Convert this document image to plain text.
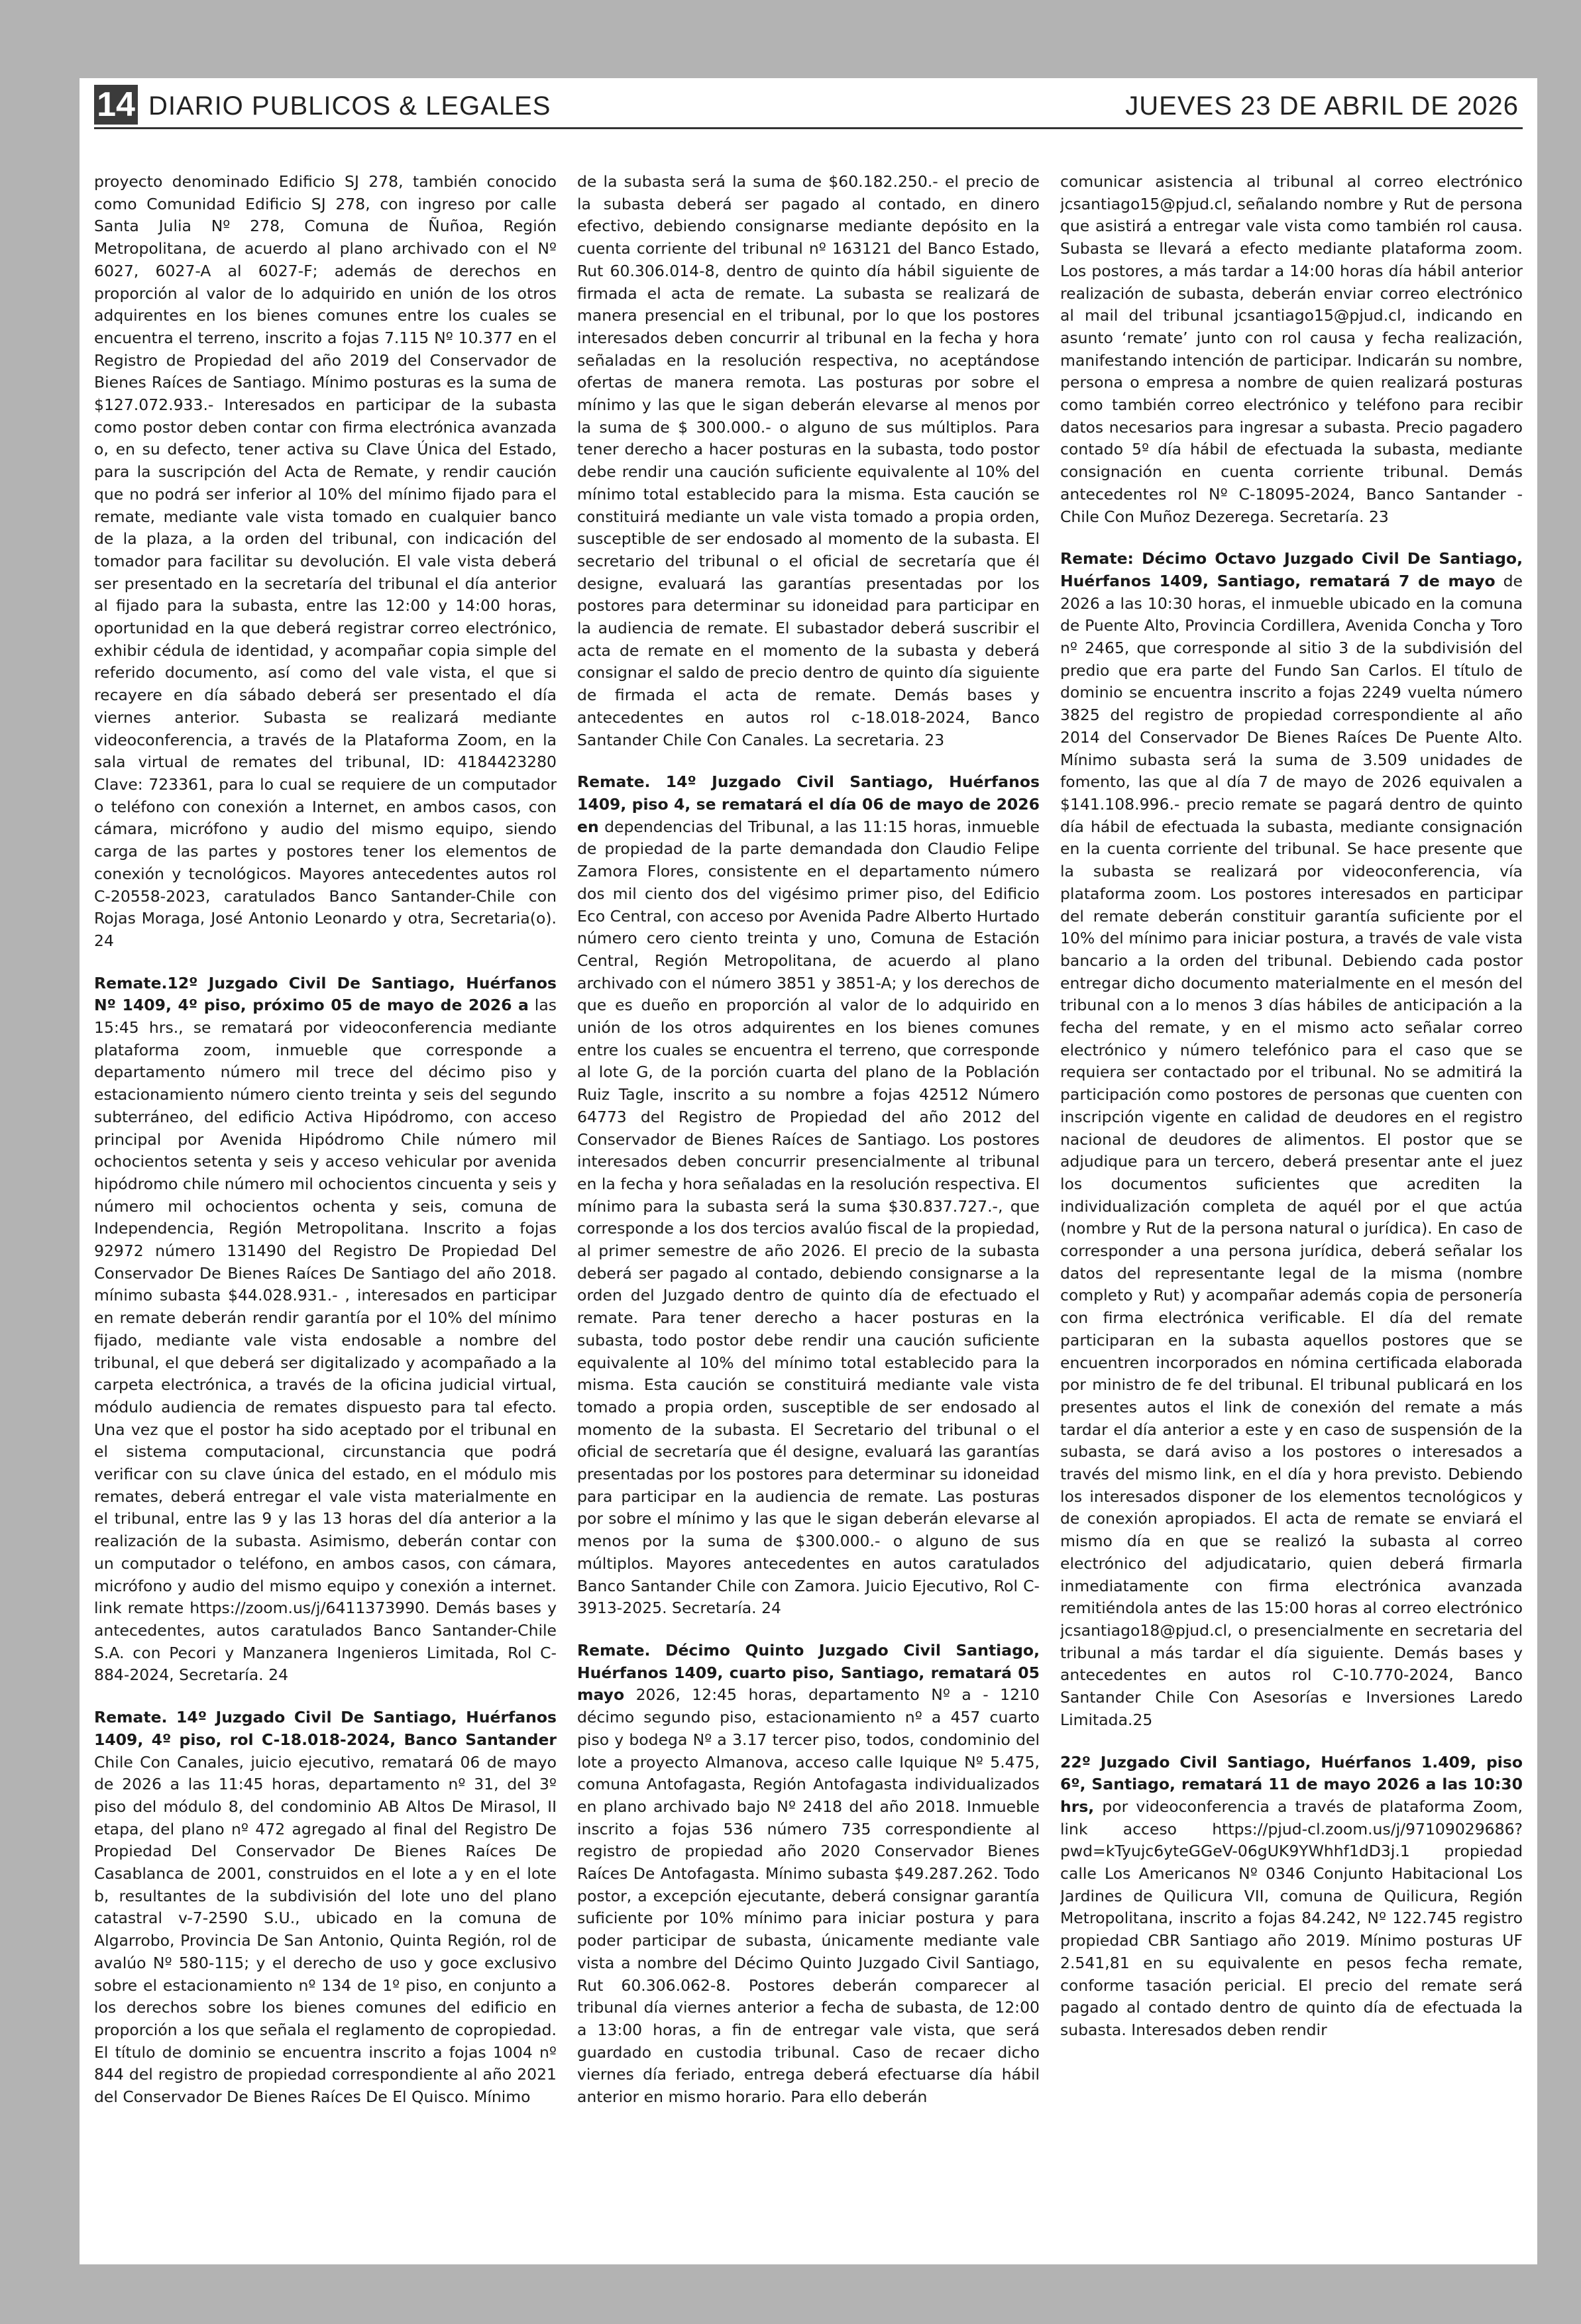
14 DIARIO PUBLICOS & LEGALES	JUEVES 23 DE ABRIL DE 2026

proyecto denominado Edificio SJ 278, también conocido como Comunidad Edificio SJ 278, con ingreso por calle Santa Julia Nº 278, Comuna de Ñuñoa, Región Metropolitana, de acuerdo al plano archivado con el Nº 6027, 6027-A al 6027-F; además de derechos en proporción al valor de lo adquirido en unión de los otros adquirentes en los bienes comunes entre los cuales se encuentra el terreno, inscrito a fojas 7.115 Nº 10.377 en el Registro de Propiedad del año 2019 del Conservador de Bienes Raíces de Santiago. Mínimo posturas es la suma de $127.072.933.- Interesados en participar de la subasta como postor deben contar con firma electrónica avanzada o, en su defecto, tener activa su Clave Única del Estado, para la suscripción del Acta de Remate, y rendir caución que no podrá ser inferior al 10% del mínimo fijado para el remate, mediante vale vista tomado en cualquier banco de la plaza, a la orden del tribunal, con indicación del tomador para facilitar su devolución. El vale vista deberá ser presentado en la secretaría del tribunal el día anterior al fijado para la subasta, entre las 12:00 y 14:00 horas, oportunidad en la que deberá registrar correo electrónico, exhibir cédula de identidad, y acompañar copia simple del referido documento, así como del vale vista, el que si recayere en día sábado deberá ser presentado el día viernes anterior. Subasta se realizará mediante videoconferencia, a través de la Plataforma Zoom, en la sala virtual de remates del tribunal, ID: 4184423280 Clave: 723361, para lo cual se requiere de un computador o teléfono con conexión a Internet, en ambos casos, con cámara, micrófono y audio del mismo equipo, siendo carga de las partes y postores tener los elementos de conexión y tecnológicos. Mayores antecedentes autos rol C-20558-2023, caratulados Banco Santander-Chile con Rojas Moraga, José Antonio Leonardo y otra, Secretaria(o). 24

Remate.12º Juzgado Civil De Santiago, Huérfanos Nº 1409, 4º piso, próximo 05 de mayo de 2026 a las 15:45 hrs., se rematará por videoconferencia mediante plataforma zoom, inmueble que corresponde a departamento número mil trece del décimo piso y estacionamiento número ciento treinta y seis del segundo subterráneo, del edificio Activa Hipódromo, con acceso principal por Avenida Hipódromo Chile número mil ochocientos setenta y seis y acceso vehicular por avenida hipódromo chile número mil ochocientos cincuenta y seis y número mil ochocientos ochenta y seis, comuna de Independencia, Región Metropolitana. Inscrito a fojas 92972 número 131490 del Registro De Propiedad Del Conservador De Bienes Raíces De Santiago del año 2018. mínimo subasta $44.028.931.- , interesados en participar en remate deberán rendir garantía por el 10% del mínimo fijado, mediante vale vista endosable a nombre del tribunal, el que deberá ser digitalizado y acompañado a la carpeta electrónica, a través de la oficina judicial virtual, módulo audiencia de remates dispuesto para tal efecto. Una vez que el postor ha sido aceptado por el tribunal en el sistema computacional, circunstancia que podrá verificar con su clave única del estado, en el módulo mis remates, deberá entregar el vale vista materialmente en el tribunal, entre las 9 y las 13 horas del día anterior a la realización de la subasta. Asimismo, deberán contar con un computador o teléfono, en ambos casos, con cámara, micrófono y audio del mismo equipo y conexión a internet. link remate https://zoom.us/j/6411373990. Demás bases y antecedentes, autos caratulados Banco Santander-Chile S.A. con Pecori y Manzanera Ingenieros Limitada, Rol C-884-2024, Secretaría. 24

Remate. 14º Juzgado Civil De Santiago, Huérfanos 1409, 4º piso, rol C-18.018-2024, Banco Santander Chile Con Canales, juicio ejecutivo, rematará 06 de mayo de 2026 a las 11:45 horas, departamento nº 31, del 3º piso del módulo 8, del condominio AB Altos De Mirasol, II etapa, del plano nº 472 agregado al final del Registro De Propiedad Del Conservador De Bienes Raíces De Casablanca de 2001, construidos en el lote a y en el lote b, resultantes de la subdivisión del lote uno del plano catastral v-7-2590 S.U., ubicado en la comuna de Algarrobo, Provincia De San Antonio, Quinta Región, rol de avalúo Nº 580-115; y el derecho de uso y goce exclusivo sobre el estacionamiento nº 134 de 1º piso, en conjunto a los derechos sobre los bienes comunes del edificio en proporción a los que señala el reglamento de copropiedad. El título de dominio se encuentra inscrito a fojas 1004 nº 844 del registro de propiedad correspondiente al año 2021 del Conservador De Bienes Raíces De El Quisco. Mínimo

de la subasta será la suma de $60.182.250.- el precio de la subasta deberá ser pagado al contado, en dinero efectivo, debiendo consignarse mediante depósito en la cuenta corriente del tribunal nº 163121 del Banco Estado, Rut 60.306.014-8, dentro de quinto día hábil siguiente de firmada el acta de remate. La subasta se realizará de manera presencial en el tribunal, por lo que los postores interesados deben concurrir al tribunal en la fecha y hora señaladas en la resolución respectiva, no aceptándose ofertas de manera remota. Las posturas por sobre el mínimo y las que le sigan deberán elevarse al menos por la suma de $ 300.000.- o alguno de sus múltiplos. Para tener derecho a hacer posturas en la subasta, todo postor debe rendir una caución suficiente equivalente al 10% del mínimo total establecido para la misma. Esta caución se constituirá mediante un vale vista tomado a propia orden, susceptible de ser endosado al momento de la subasta. El secretario del tribunal o el oficial de secretaría que él designe, evaluará las garantías presentadas por los postores para determinar su idoneidad para participar en la audiencia de remate. El subastador deberá suscribir el acta de remate en el momento de la subasta y deberá consignar el saldo de precio dentro de quinto día siguiente de firmada el acta de remate. Demás bases y antecedentes en autos rol c-18.018-2024, Banco Santander Chile Con Canales. La secretaria. 23

Remate. 14º Juzgado Civil Santiago, Huérfanos 1409, piso 4, se rematará el día 06 de mayo de 2026 en dependencias del Tribunal, a las 11:15 horas, inmueble de propiedad de la parte demandada don Claudio Felipe Zamora Flores, consistente en el departamento número dos mil ciento dos del vigésimo primer piso, del Edificio Eco Central, con acceso por Avenida Padre Alberto Hurtado número cero ciento treinta y uno, Comuna de Estación Central, Región Metropolitana, de acuerdo al plano archivado con el número 3851 y 3851-A; y los derechos de que es dueño en proporción al valor de lo adquirido en unión de los otros adquirentes en los bienes comunes entre los cuales se encuentra el terreno, que corresponde al lote G, de la porción cuarta del plano de la Población Ruiz Tagle, inscrito a su nombre a fojas 42512 Número 64773 del Registro de Propiedad del año 2012 del Conservador de Bienes Raíces de Santiago. Los postores interesados deben concurrir presencialmente al tribunal en la fecha y hora señaladas en la resolución respectiva. El mínimo para la subasta será la suma $30.837.727.-, que corresponde a los dos tercios avalúo fiscal de la propiedad, al primer semestre de año 2026. El precio de la subasta deberá ser pagado al contado, debiendo consignarse a la orden del Juzgado dentro de quinto día de efectuado el remate. Para tener derecho a hacer posturas en la subasta, todo postor debe rendir una caución suficiente equivalente al 10% del mínimo total establecido para la misma. Esta caución se constituirá mediante vale vista tomado a propia orden, susceptible de ser endosado al momento de la subasta. El Secretario del tribunal o el oficial de secretaría que él designe, evaluará las garantías presentadas por los postores para determinar su idoneidad para participar en la audiencia de remate. Las posturas por sobre el mínimo y las que le sigan deberán elevarse al menos por la suma de $300.000.- o alguno de sus múltiplos. Mayores antecedentes en autos caratulados Banco Santander Chile con Zamora. Juicio Ejecutivo, Rol C-3913-2025. Secretaría. 24

Remate. Décimo Quinto Juzgado Civil Santiago, Huérfanos 1409, cuarto piso, Santiago, rematará 05 mayo 2026, 12:45 horas, departamento Nº a - 1210 décimo segundo piso, estacionamiento nº a 457 cuarto piso y bodega Nº a 3.17 tercer piso, todos, condominio del lote a proyecto Almanova, acceso calle Iquique Nº 5.475, comuna Antofagasta, Región Antofagasta individualizados en plano archivado bajo Nº 2418 del año 2018. Inmueble inscrito a fojas 536 número 735 correspondiente al registro de propiedad año 2020 Conservador Bienes Raíces De Antofagasta. Mínimo subasta $49.287.262. Todo postor, a excepción ejecutante, deberá consignar garantía suficiente por 10% mínimo para iniciar postura y para poder participar de subasta, únicamente mediante vale vista a nombre del Décimo Quinto Juzgado Civil Santiago, Rut 60.306.062-8. Postores deberán comparecer al tribunal día viernes anterior a fecha de subasta, de 12:00 a 13:00 horas, a fin de entregar vale vista, que será guardado en custodia tribunal. Caso de recaer dicho viernes día feriado, entrega deberá efectuarse día hábil anterior en mismo horario. Para ello deberán

comunicar asistencia al tribunal al correo electrónico jcsantiago15@pjud.cl, señalando nombre y Rut de persona que asistirá a entregar vale vista como también rol causa. Subasta se llevará a efecto mediante plataforma zoom. Los postores, a más tardar a 14:00 horas día hábil anterior realización de subasta, deberán enviar correo electrónico al mail del tribunal jcsantiago15@pjud.cl, indicando en asunto ‘remate’ junto con rol causa y fecha realización, manifestando intención de participar. Indicarán su nombre, persona o empresa a nombre de quien realizará posturas como también correo electrónico y teléfono para recibir datos necesarios para ingresar a subasta. Precio pagadero contado 5º día hábil de efectuada la subasta, mediante consignación en cuenta corriente tribunal. Demás antecedentes rol Nº C-18095-2024, Banco Santander - Chile Con Muñoz Dezerega. Secretaría. 23

Remate: Décimo Octavo Juzgado Civil De Santiago, Huérfanos 1409, Santiago, rematará 7 de mayo de 2026 a las 10:30 horas, el inmueble ubicado en la comuna de Puente Alto, Provincia Cordillera, Avenida Concha y Toro nº 2465, que corresponde al sitio 3 de la subdivisión del predio que era parte del Fundo San Carlos. El título de dominio se encuentra inscrito a fojas 2249 vuelta número 3825 del registro de propiedad correspondiente al año 2014 del Conservador De Bienes Raíces De Puente Alto. Mínimo subasta será la suma de 3.509 unidades de fomento, las que al día 7 de mayo de 2026 equivalen a $141.108.996.- precio remate se pagará dentro de quinto día hábil de efectuada la subasta, mediante consignación en la cuenta corriente del tribunal. Se hace presente que la subasta se realizará por videoconferencia, vía plataforma zoom. Los postores interesados en participar del remate deberán constituir garantía suficiente por el 10% del mínimo para iniciar postura, a través de vale vista bancario a la orden del tribunal. Debiendo cada postor entregar dicho documento materialmente en el mesón del tribunal con a lo menos 3 días hábiles de anticipación a la fecha del remate, y en el mismo acto señalar correo electrónico y número telefónico para el caso que se requiera ser contactado por el tribunal. No se admitirá la participación como postores de personas que cuenten con inscripción vigente en calidad de deudores en el registro nacional de deudores de alimentos. El postor que se adjudique para un tercero, deberá presentar ante el juez los documentos suficientes que acrediten la individualización completa de aquél por el que actúa (nombre y Rut de la persona natural o jurídica). En caso de corresponder a una persona jurídica, deberá señalar los datos del representante legal de la misma (nombre completo y Rut) y acompañar además copia de personería con firma electrónica verificable. El día del remate participaran en la subasta aquellos postores que se encuentren incorporados en nómina certificada elaborada por ministro de fe del tribunal. El tribunal publicará en los presentes autos el link de conexión del remate a más tardar el día anterior a este y en caso de suspensión de la subasta, se dará aviso a los postores o interesados a través del mismo link, en el día y hora previsto. Debiendo los interesados disponer de los elementos tecnológicos y de conexión apropiados. El acta de remate se enviará el mismo día en que se realizó la subasta al correo electrónico del adjudicatario, quien deberá firmarla inmediatamente con firma electrónica avanzada remitiéndola antes de las 15:00 horas al correo electrónico jcsantiago18@pjud.cl, o presencialmente en secretaria del tribunal a más tardar el día siguiente. Demás bases y antecedentes en autos rol C-10.770-2024, Banco Santander Chile Con Asesorías e Inversiones Laredo Limitada.25

22º Juzgado Civil Santiago, Huérfanos 1.409, piso 6º, Santiago, rematará 11 de mayo 2026 a las 10:30 hrs, por videoconferencia a través de plataforma Zoom, link acceso https://pjud-cl.zoom.us/j/97109029686?pwd=kTyujc6yteGGeV-06gUK9YWhhf1dD3j.1 propiedad calle Los Americanos Nº 0346 Conjunto Habitacional Los Jardines de Quilicura VII, comuna de Quilicura, Región Metropolitana, inscrito a fojas 84.242, Nº 122.745 registro propiedad CBR Santiago año 2019. Mínimo posturas UF 2.541,81 en su equivalente en pesos fecha remate, conforme tasación pericial. El precio del remate será pagado al contado dentro de quinto día de efectuada la subasta. Interesados deben rendir
